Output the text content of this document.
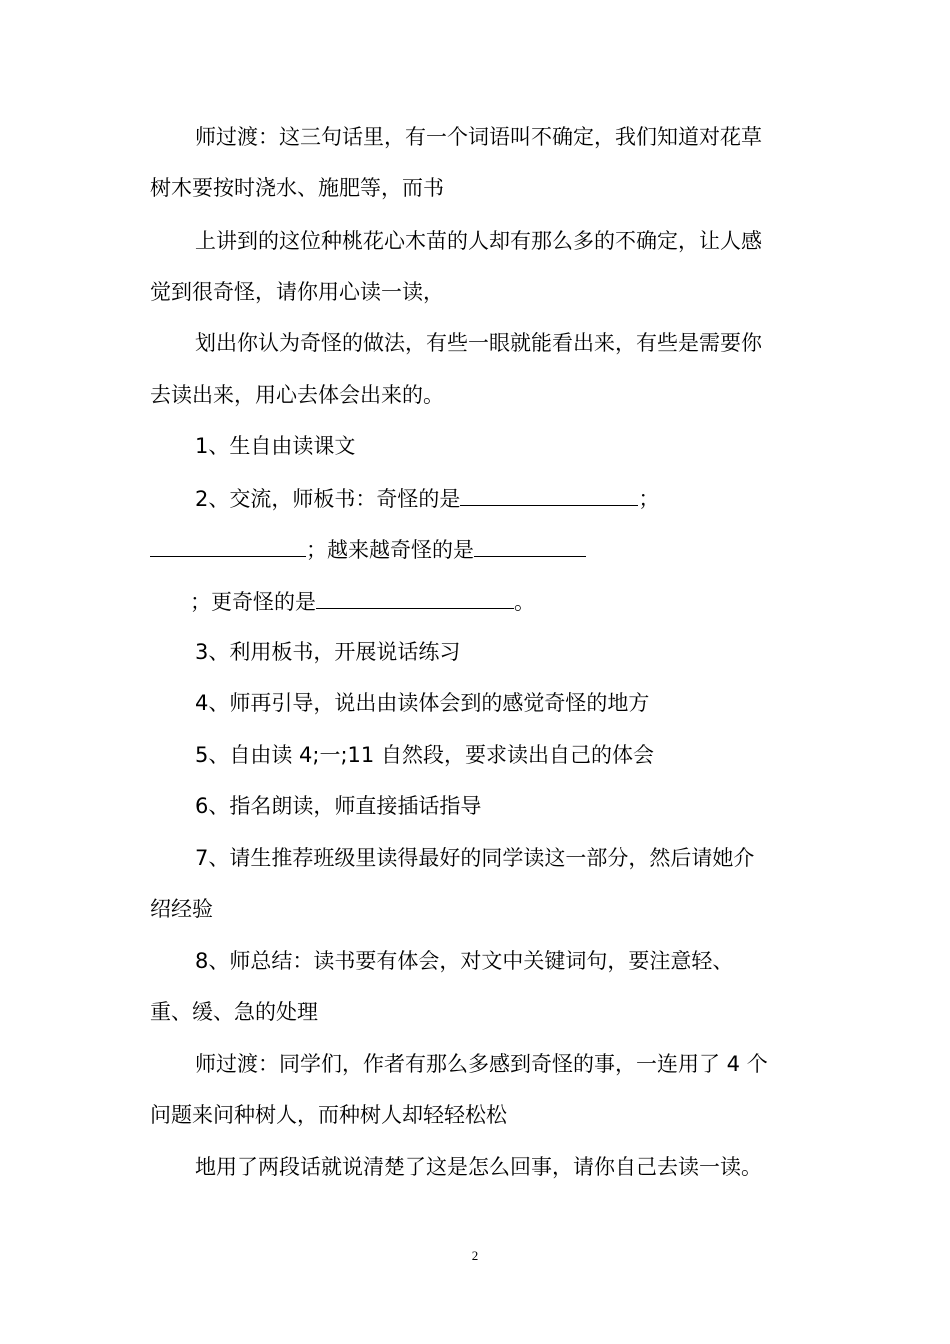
师过渡：这三句话里，有一个词语叫不确定，我们知道对花草
树木要按时浇水、施肥等，而书
上讲到的这位种桃花心木苗的人却有那么多的不确定，让人感
觉到很奇怪，请你用心读一读，
划出你认为奇怪的做法，有些一眼就能看出来，有些是需要你
去读出来，用心去体会出来的。
1、生自由读课文
2、交流，师板书：奇怪的是	；
；越来越奇怪的是
；更奇怪的是	。
3、利用板书，开展说话练习
4、师再引导，说出由读体会到的感觉奇怪的地方
5、自由读 4;一;11 自然段，要求读出自己的体会
6、指名朗读，师直接插话指导
7、请生推荐班级里读得最好的同学读这一部分，然后请她介
绍经验
8、师总结：读书要有体会，对文中关键词句，要注意轻、
重、缓、急的处理
师过渡：同学们，作者有那么多感到奇怪的事，一连用了 4 个
问题来问种树人，而种树人却轻轻松松
地用了两段话就说清楚了这是怎么回事，请你自己去读一读。
2
